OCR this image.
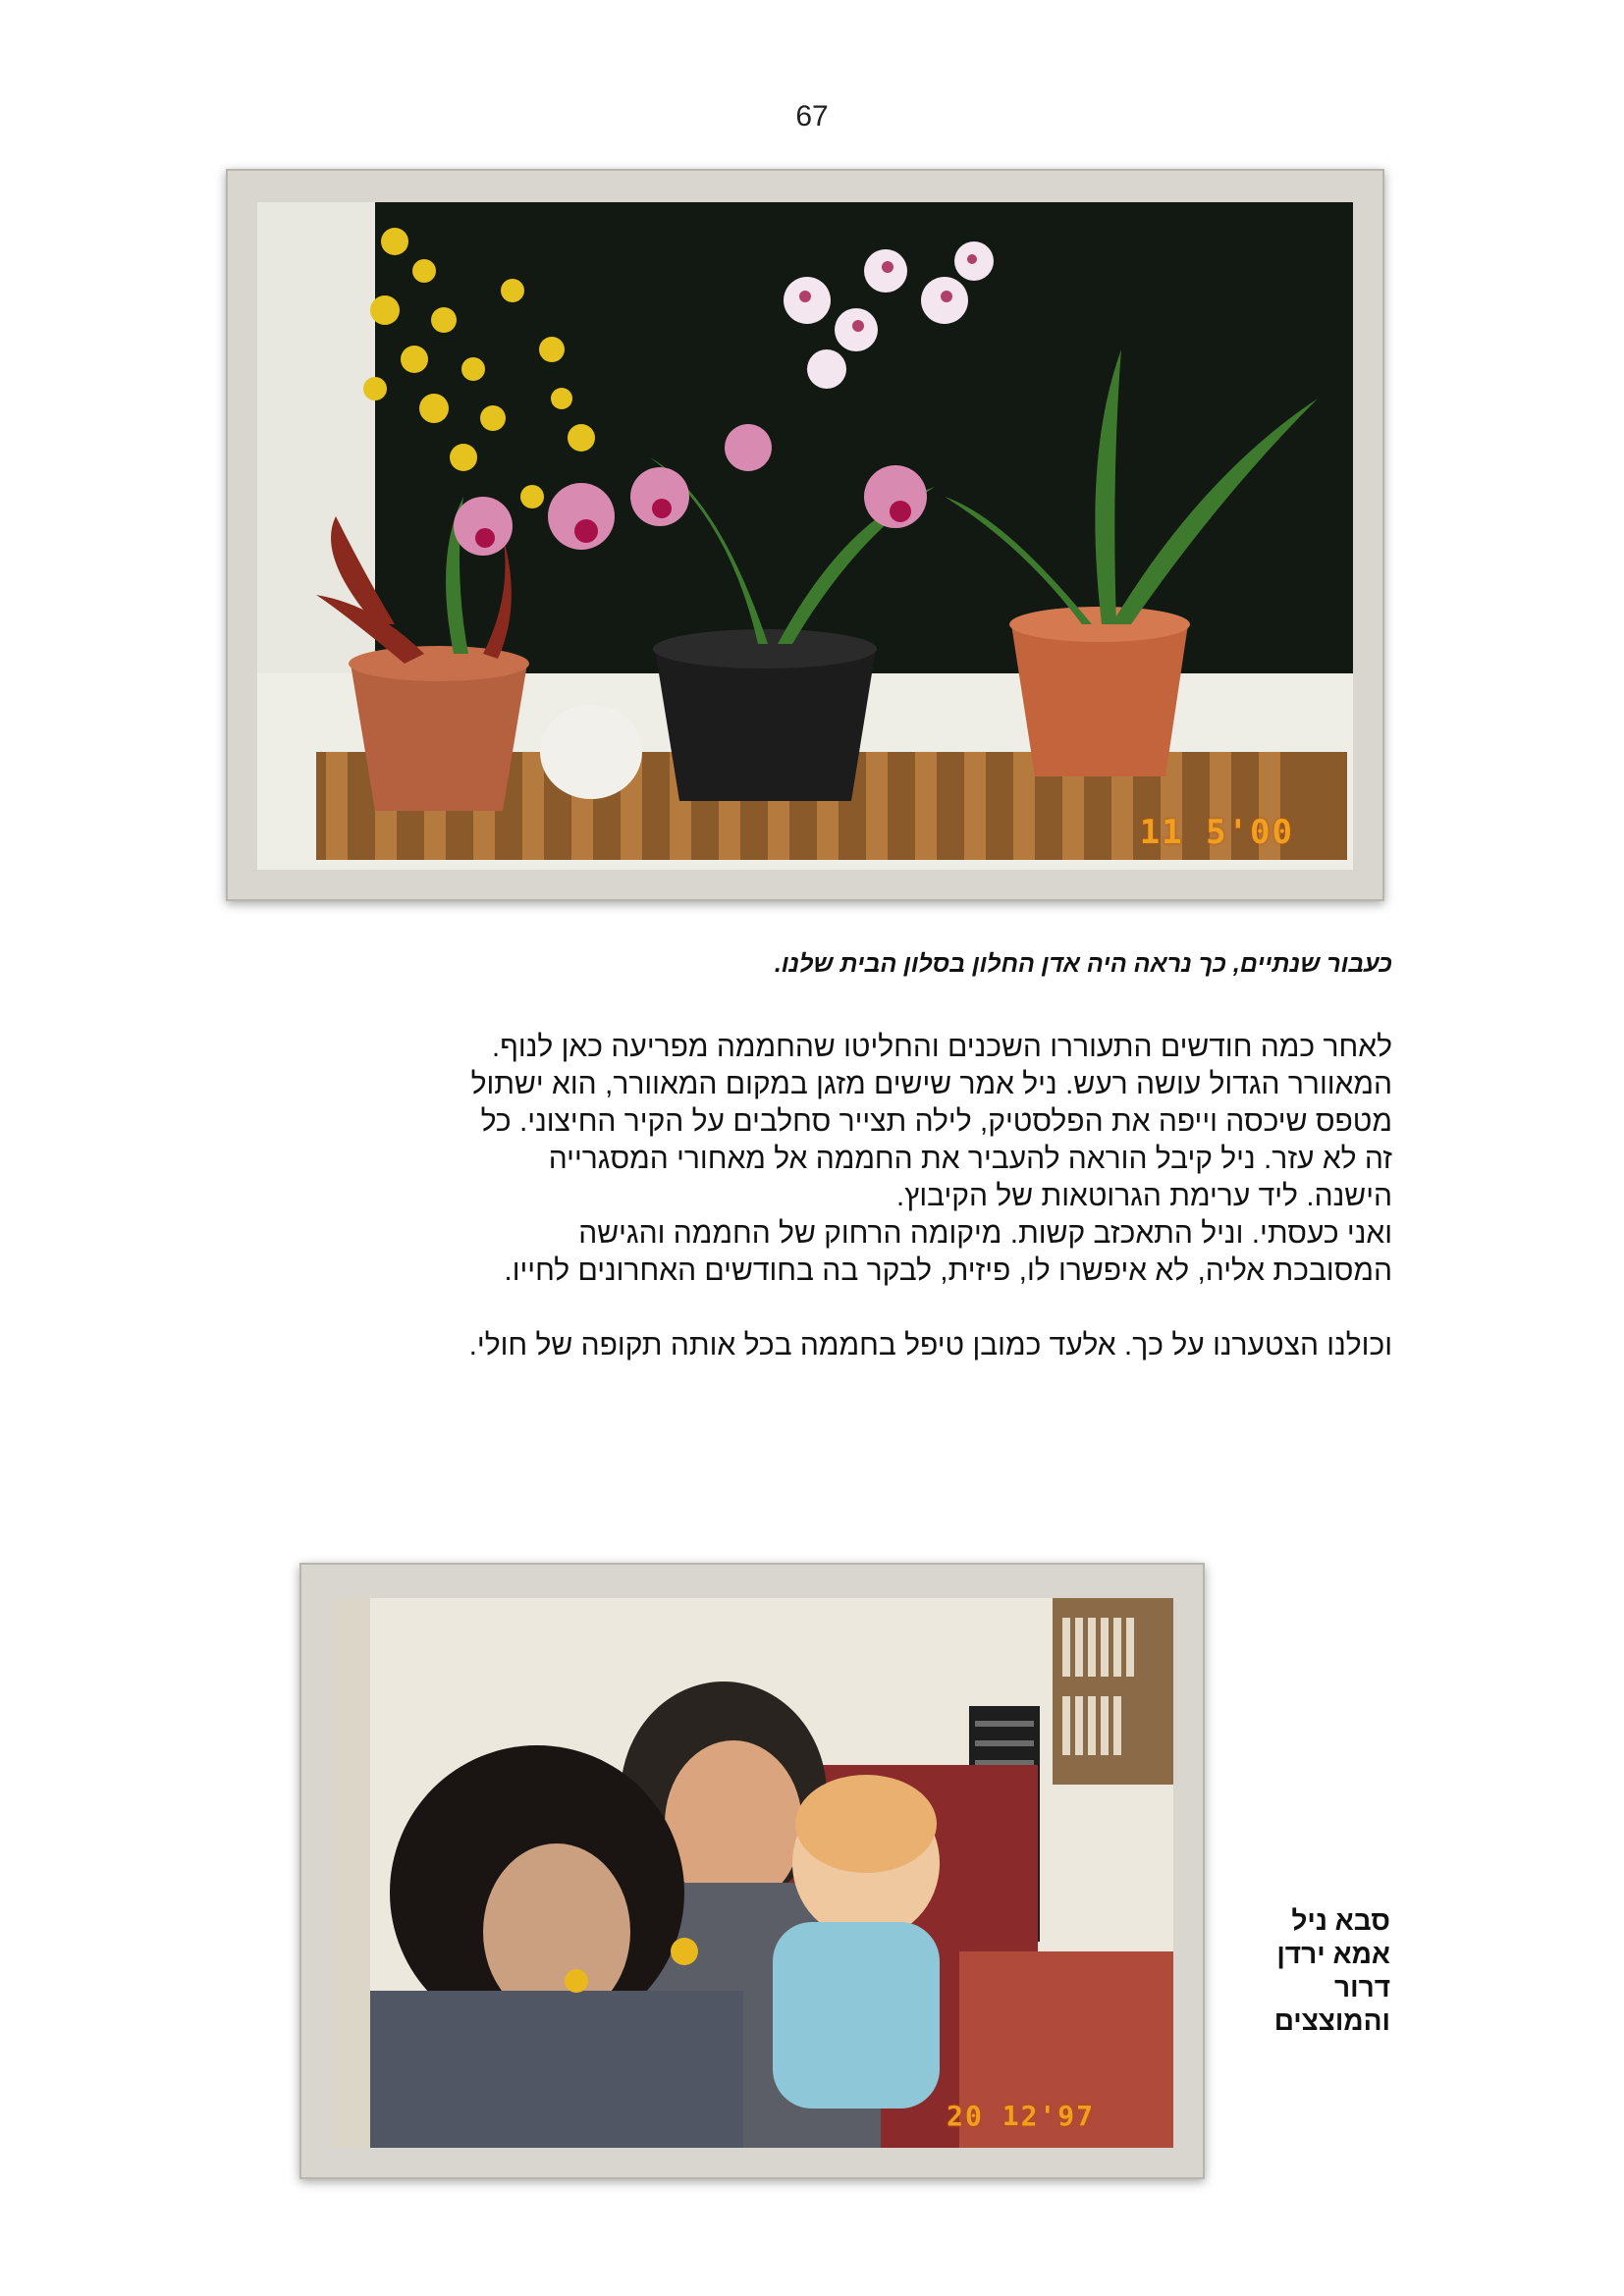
67
11 5'00
כעבור שנתיים, כך נראה היה אדן החלון בסלון הבית שלנו.

לאחר כמה חודשים התעוררו השכנים והחליטו שהחממה מפריעה כאן לנוף.

המאוורר הגדול עושה רעש. ניל אמר שישים מזגן במקום המאוורר, הוא ישתול

מטפס שיכסה וייפה את הפלסטיק, לילה תצייר סחלבים על הקיר החיצוני. כל

זה לא עזר. ניל קיבל הוראה להעביר את החממה אל מאחורי המסגרייה

הישנה. ליד ערימת הגרוטאות של הקיבוץ.

ואני כעסתי. וניל התאכזב קשות. מיקומה הרחוק של החממה והגישה

המסובכת אליה, לא איפשרו לו, פיזית, לבקר בה בחודשים האחרונים לחייו.

וכולנו הצטערנו על כך. אלעד כמובן טיפל בחממה בכל אותה תקופה של חולי.

20 12'97
סבא ניל
אמא ירדן
דרור
והמוצצים
